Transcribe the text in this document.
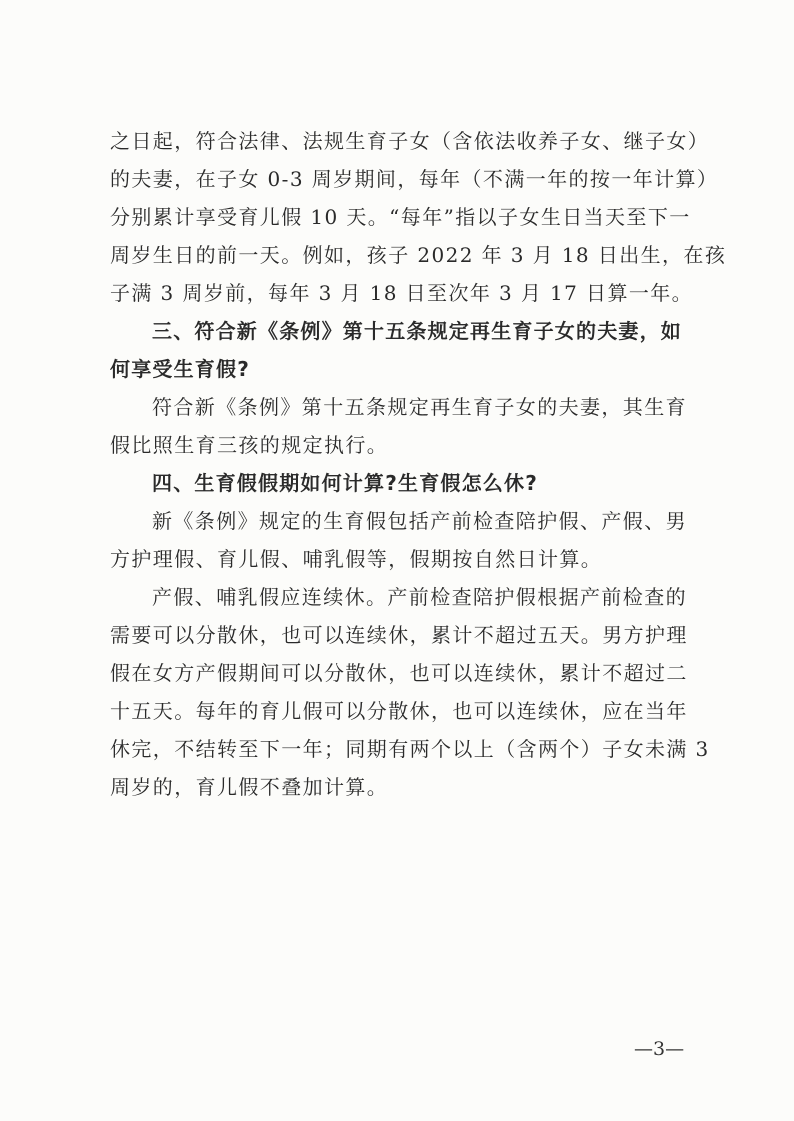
之日起，符合法律、法规生育子女（含依法收养子女、继子女）
的夫妻，在子女 0-3 周岁期间，每年（不满一年的按一年计算）
分别累计享受育儿假 10 天。“每年”指以子女生日当天至下一
周岁生日的前一天。例如，孩子 2022 年 3 月 18 日出生，在孩
子满 3 周岁前，每年 3 月 18 日至次年 3 月 17 日算一年。
三、符合新《条例》第十五条规定再生育子女的夫妻，如
何享受生育假?
符合新《条例》第十五条规定再生育子女的夫妻，其生育
假比照生育三孩的规定执行。
四、生育假假期如何计算?生育假怎么休?
新《条例》规定的生育假包括产前检查陪护假、产假、男
方护理假、育儿假、哺乳假等，假期按自然日计算。
产假、哺乳假应连续休。产前检查陪护假根据产前检查的
需要可以分散休，也可以连续休，累计不超过五天。男方护理
假在女方产假期间可以分散休，也可以连续休，累计不超过二
十五天。每年的育儿假可以分散休，也可以连续休，应在当年
休完，不结转至下一年；同期有两个以上（含两个）子女未满 3
周岁的，育儿假不叠加计算。
—3—
